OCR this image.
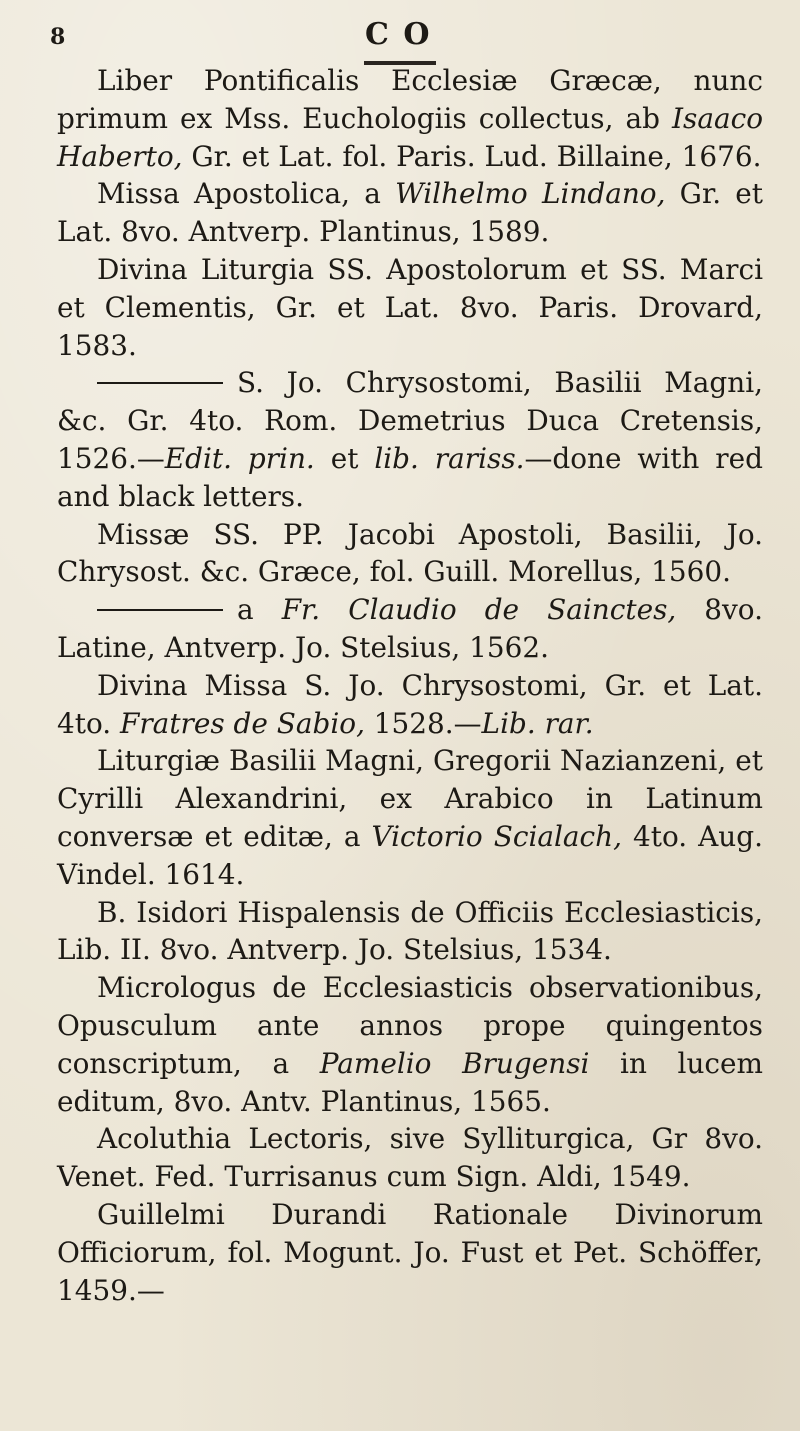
8	C O

Liber Pontificalis Ecclesiæ Græcæ, nunc primum ex Mss. Euchologiis collectus, ab Isaaco Haberto, Gr. et Lat. fol. Paris. Lud. Billaine, 1676.

Missa Apostolica, a Wilhelmo Lindano, Gr. et Lat. 8vo. Antverp. Plantinus, 1589.

Divina Liturgia SS. Apostolorum et SS. Marci et Clementis, Gr. et Lat. 8vo. Paris. Drovard, 1583.

S. Jo. Chrysostomi, Basilii Magni, &c. Gr. 4to. Rom. Demetrius Duca Cretensis, 1526.—Edit. prin. et lib. rariss.—done with red and black letters.

Missæ SS. PP. Jacobi Apostoli, Basilii, Jo. Chrysost. &c. Græce, fol. Guill. Morellus, 1560.

a Fr. Claudio de Sainctes, 8vo. Latine, Antverp. Jo. Stelsius, 1562.

Divina Missa S. Jo. Chrysostomi, Gr. et Lat. 4to. Fratres de Sabio, 1528.—Lib. rar.

Liturgiæ Basilii Magni, Gregorii Nazianzeni, et Cyrilli Alexandrini, ex Arabico in Latinum conversæ et editæ, a Victorio Scialach, 4to. Aug. Vindel. 1614.

B. Isidori Hispalensis de Officiis Ecclesiasticis, Lib. II. 8vo. Antverp. Jo. Stelsius, 1534.

Micrologus de Ecclesiasticis observationibus, Opusculum ante annos prope quingentos conscriptum, a Pamelio Brugensi in lucem editum, 8vo. Antv. Plantinus, 1565.

Acoluthia Lectoris, sive Sylliturgica, Gr 8vo. Venet. Fed. Turrisanus cum Sign. Aldi, 1549.

Guillelmi Durandi Rationale Divinorum Officiorum, fol. Mogunt. Jo. Fust et Pet. Schöffer, 1459.—
